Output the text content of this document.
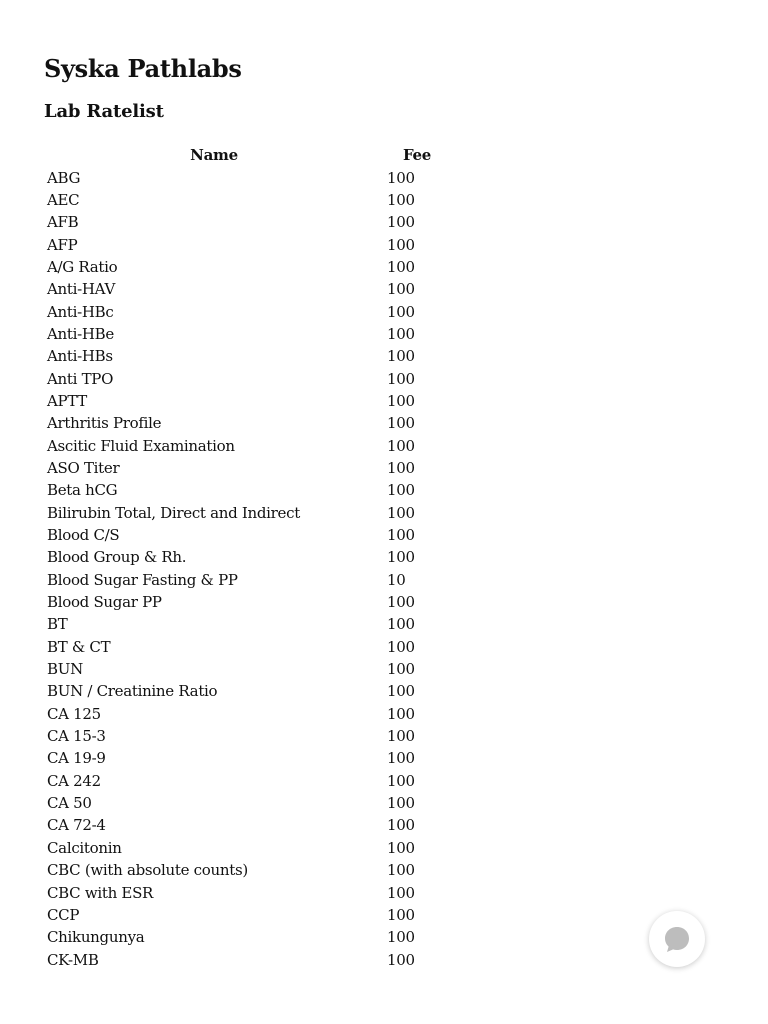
Syska Pathlabs
Lab Ratelist
Name	Fee
ABG	100
AEC	100
AFB	100
AFP	100
A/G Ratio	100
Anti-HAV	100
Anti-HBc	100
Anti-HBe	100
Anti-HBs	100
Anti TPO	100
APTT	100
Arthritis Profile	100
Ascitic Fluid Examination	100
ASO Titer	100
Beta hCG	100
Bilirubin Total, Direct and Indirect	100
Blood C/S	100
Blood Group & Rh.	100
Blood Sugar Fasting & PP	10
Blood Sugar PP	100
BT	100
BT & CT	100
BUN	100
BUN / Creatinine Ratio	100
CA 125	100
CA 15-3	100
CA 19-9	100
CA 242	100
CA 50	100
CA 72-4	100
Calcitonin	100
CBC (with absolute counts)	100
CBC with ESR	100
CCP	100
Chikungunya	100
CK-MB	100
